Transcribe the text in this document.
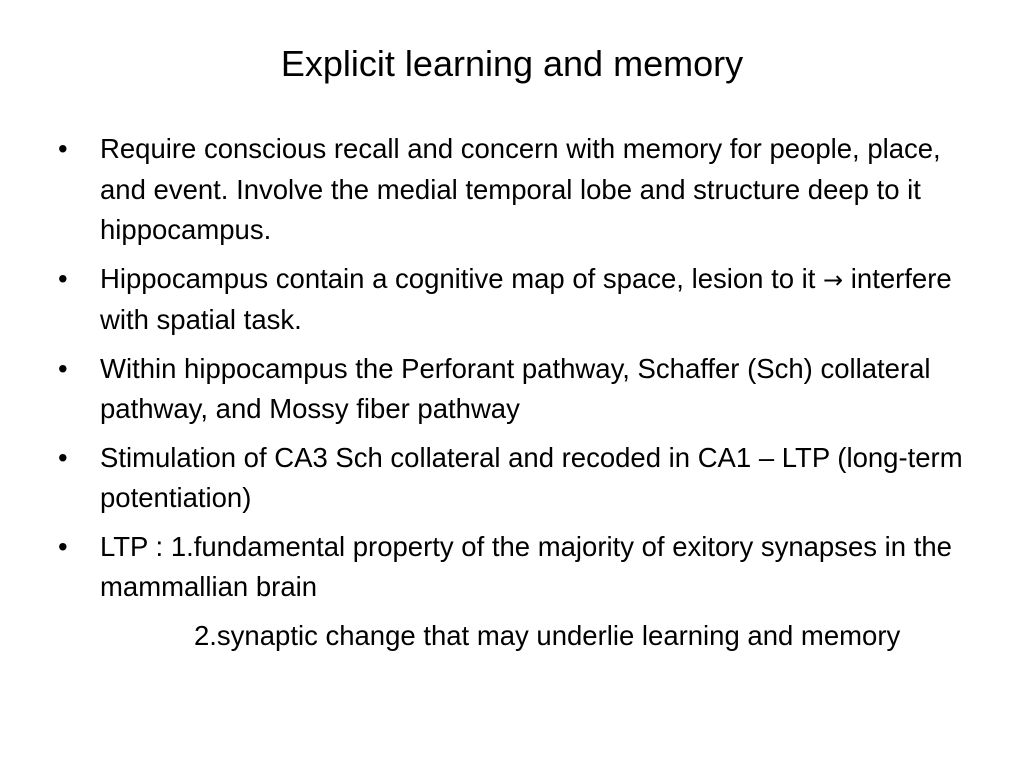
Explicit learning and memory
•	Require conscious recall and concern with memory for people, place, and event. Involve the medial temporal lobe and structure deep to it hippocampus.
•	Hippocampus contain a cognitive map of space, lesion to it → interfere with spatial task.
•	Within hippocampus the Perforant pathway, Schaffer (Sch) collateral pathway, and Mossy fiber pathway
•	Stimulation of CA3 Sch collateral and recoded in CA1 – LTP (long-term potentiation)
•	LTP : 1.fundamental property of the majority of exitory synapses in the mammallian brain
2.synaptic change that may underlie learning and memory
